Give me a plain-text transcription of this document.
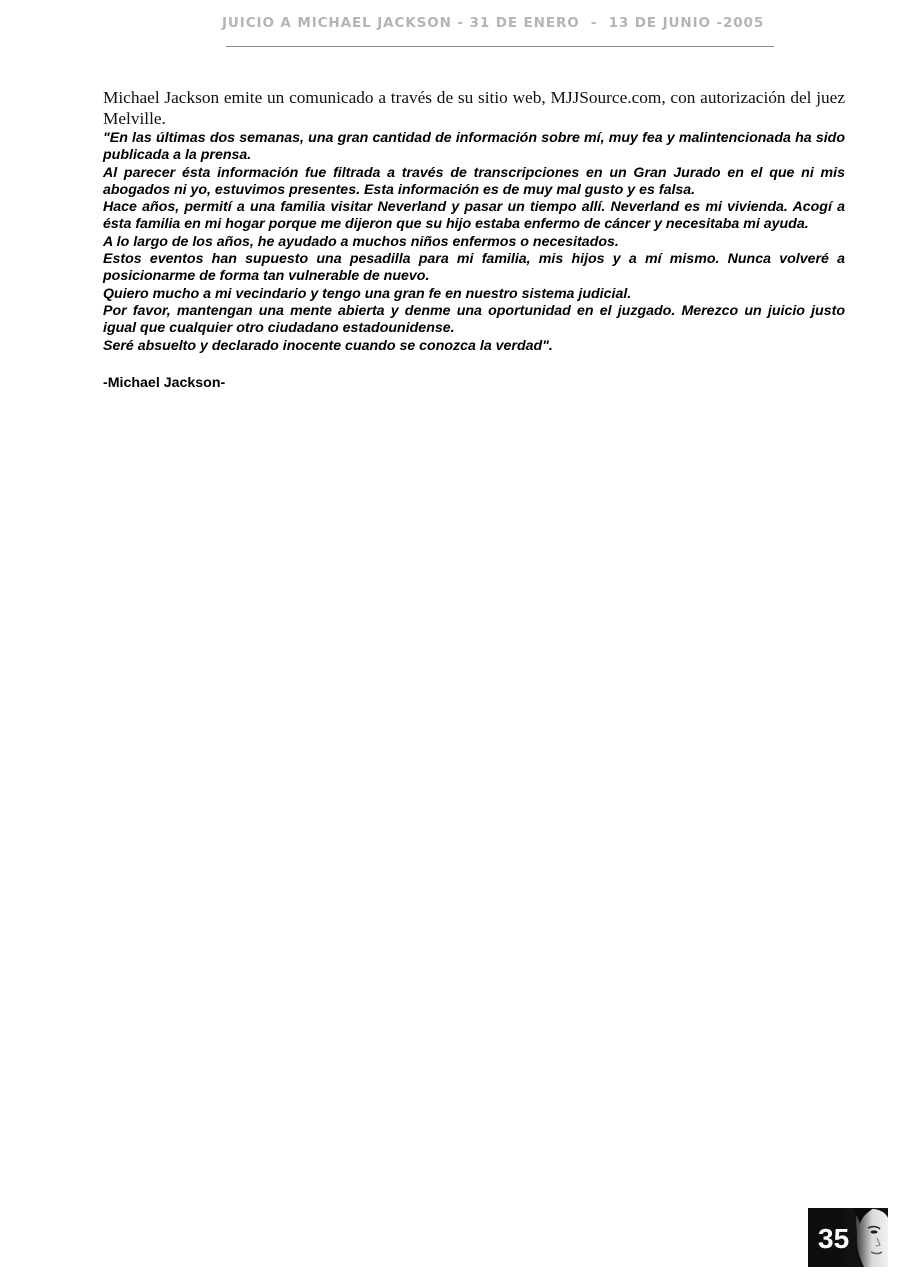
JUICIO A MICHAEL JACKSON - 31 DE ENERO  -  13 DE JUNIO -2005

Michael Jackson emite un comunicado a través de su sitio web, MJJSource.com, con autorización del juez Melville.

"En las últimas dos semanas, una gran cantidad de información sobre mí, muy fea y malintencionada ha sido publicada a la prensa.

Al parecer ésta información fue filtrada a través de transcripciones en un Gran Jurado en el que ni mis abogados ni yo, estuvimos presentes. Esta información es de muy mal gusto y es falsa.

Hace años, permití a una familia visitar Neverland y pasar un tiempo allí. Neverland es mi vivienda. Acogí a ésta familia en mi hogar porque me dijeron que su hijo estaba enfermo de cáncer y necesitaba mi ayuda.

A lo largo de los años, he ayudado a muchos niños enfermos o necesitados.

Estos eventos han supuesto una pesadilla para mi familia, mis hijos y a mí mismo. Nunca volveré a posicionarme de forma tan vulnerable de nuevo.

Quiero mucho a mi vecindario y tengo una gran fe en nuestro sistema judicial.

Por favor, mantengan una mente abierta y denme una oportunidad en el juzgado. Merezco un juicio justo igual que cualquier otro ciudadano estadounidense.

Seré absuelto y declarado inocente cuando se conozca la verdad".

-Michael Jackson-

35
